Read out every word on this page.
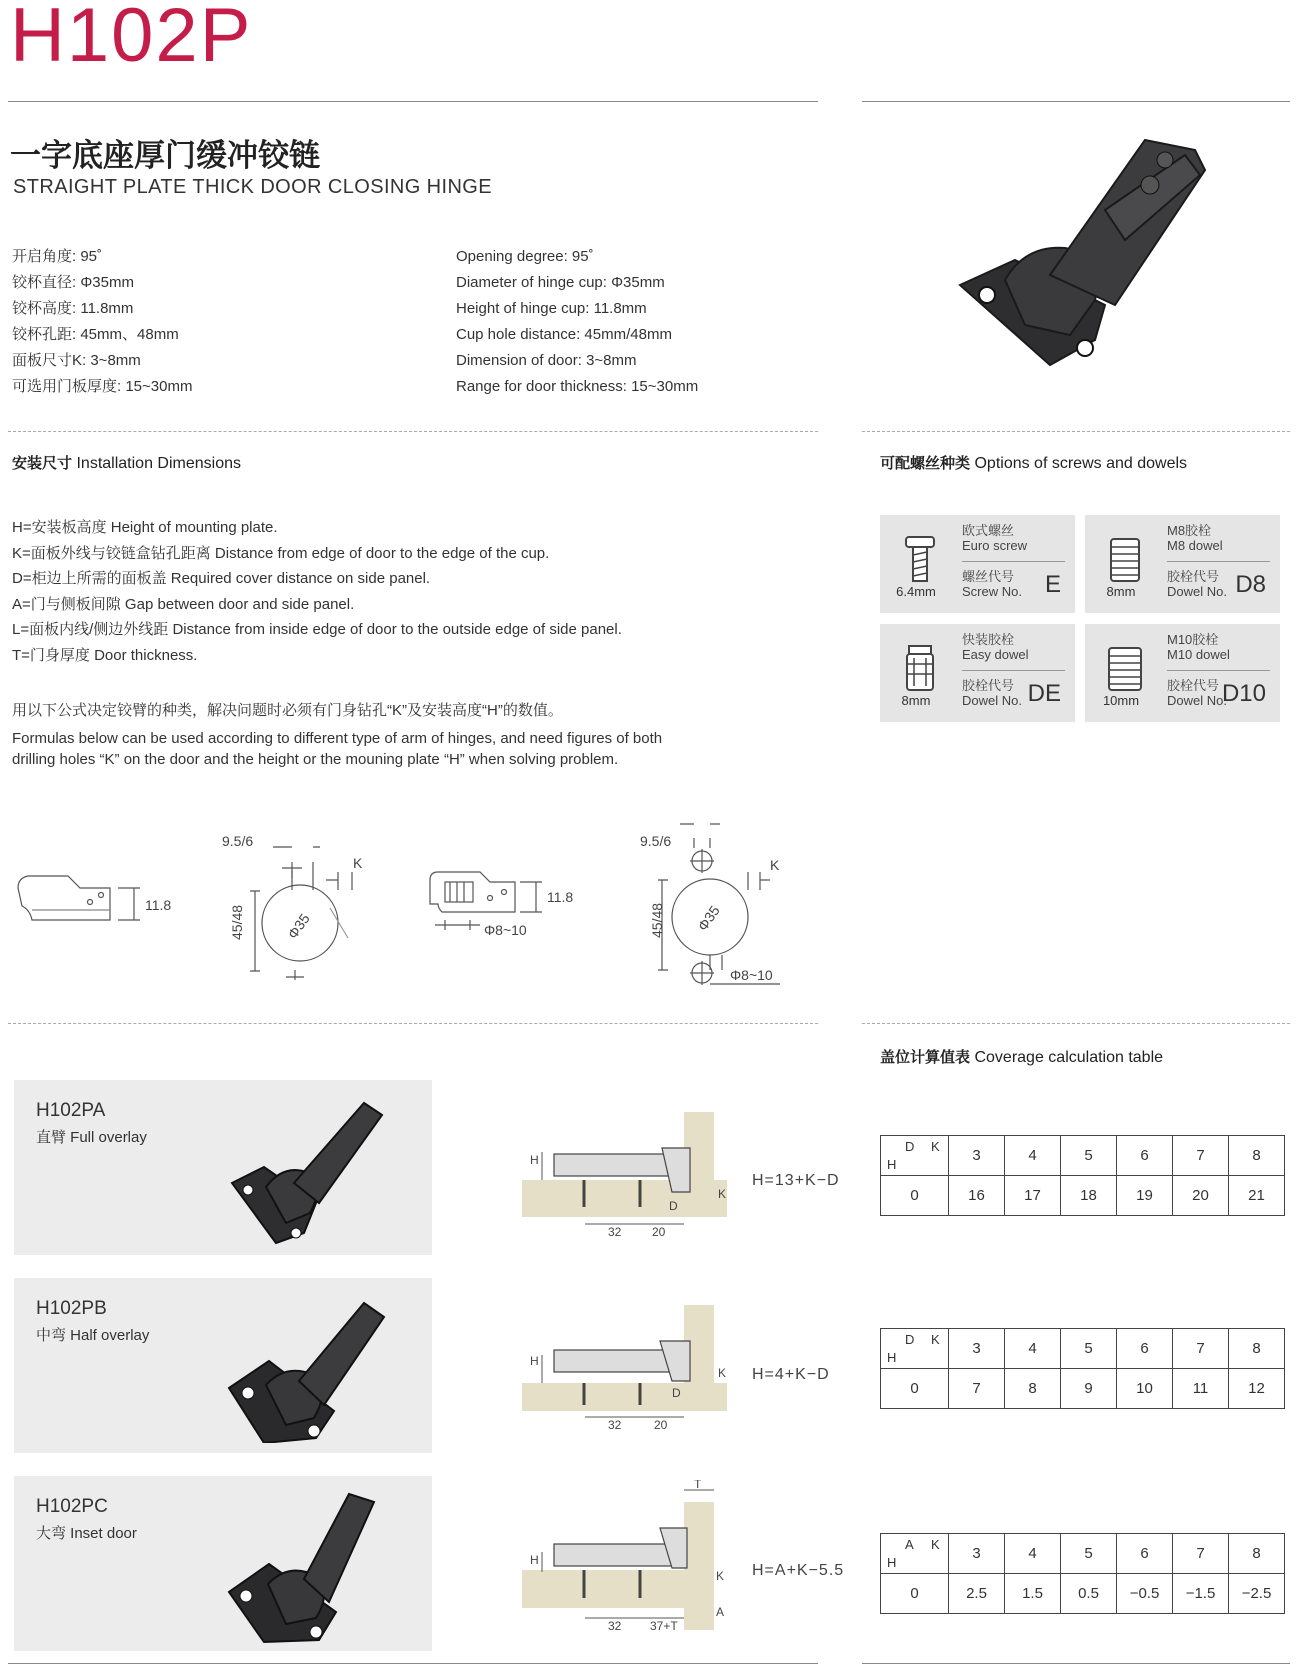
H102P
一字底座厚门缓冲铰链
STRAIGHT PLATE THICK DOOR CLOSING HINGE
开启角度: 95˚
铰杯直径: Φ35mm
铰杯高度: 11.8mm
铰杯孔距: 45mm、48mm
面板尺寸K: 3~8mm
可选用门板厚度: 15~30mm
Opening degree: 95˚
Diameter of hinge cup: Φ35mm
Height of hinge cup: 11.8mm
Cup hole distance: 45mm/48mm
Dimension of door: 3~8mm
Range for door thickness: 15~30mm
安装尺寸 Installation Dimensions
H=安装板高度 Height of mounting plate.
K=面板外线与铰链盒钻孔距离 Distance from edge of door to the edge of the cup.
D=柜边上所需的面板盖 Required cover distance on side panel.
A=门与侧板间隙 Gap between door and side panel.
L=面板内线/侧边外线距 Distance from inside edge of door to the outside edge of side panel.
T=门身厚度 Door thickness.
用以下公式决定铰臂的种类，解决问题时必须有门身钻孔“K”及安装高度“H”的数值。
Formulas below can be used according to different type of arm of hinges, and need figures of both
drilling holes “K” on the door and the height or the mouning plate “H” when solving problem.
可配螺丝种类 Options of screws and dowels
6.4mm
欧式螺丝
Euro screw
螺丝代号
Screw No. E	8mm
M8胶栓
M8 dowel
胶栓代号
Dowel No. D8
8mm
快装胶栓
Easy dowel
胶栓代号
Dowel No. DE	10mm
M10胶栓
M10 dowel
胶栓代号
Dowel No.
D10
11.8
9.5/6
45/48	Φ35
K
11.8
Φ8~10
9.5/6
45/48 Φ35
K
Φ8~10
盖位计算值表 Coverage calculation table
H102PA
直臂 Full overlay
H
D
K
32	20
H=13+K−D
D K
H	3	4	5	6	7	8
0	16	17	18	19	20	21
H102PB
中弯 Half overlay
H
D
K
32	20
H=4+K−D
D K
H	3	4	5	6	7	8
0	7	8	9	10	11	12
H102PC
大弯 Inset door
T
H
K
A
32 37+T
H=A+K−5.5
A K
H	3	4	5	6	7	8
0	2.5	1.5	0.5	−0.5	−1.5	−2.5
